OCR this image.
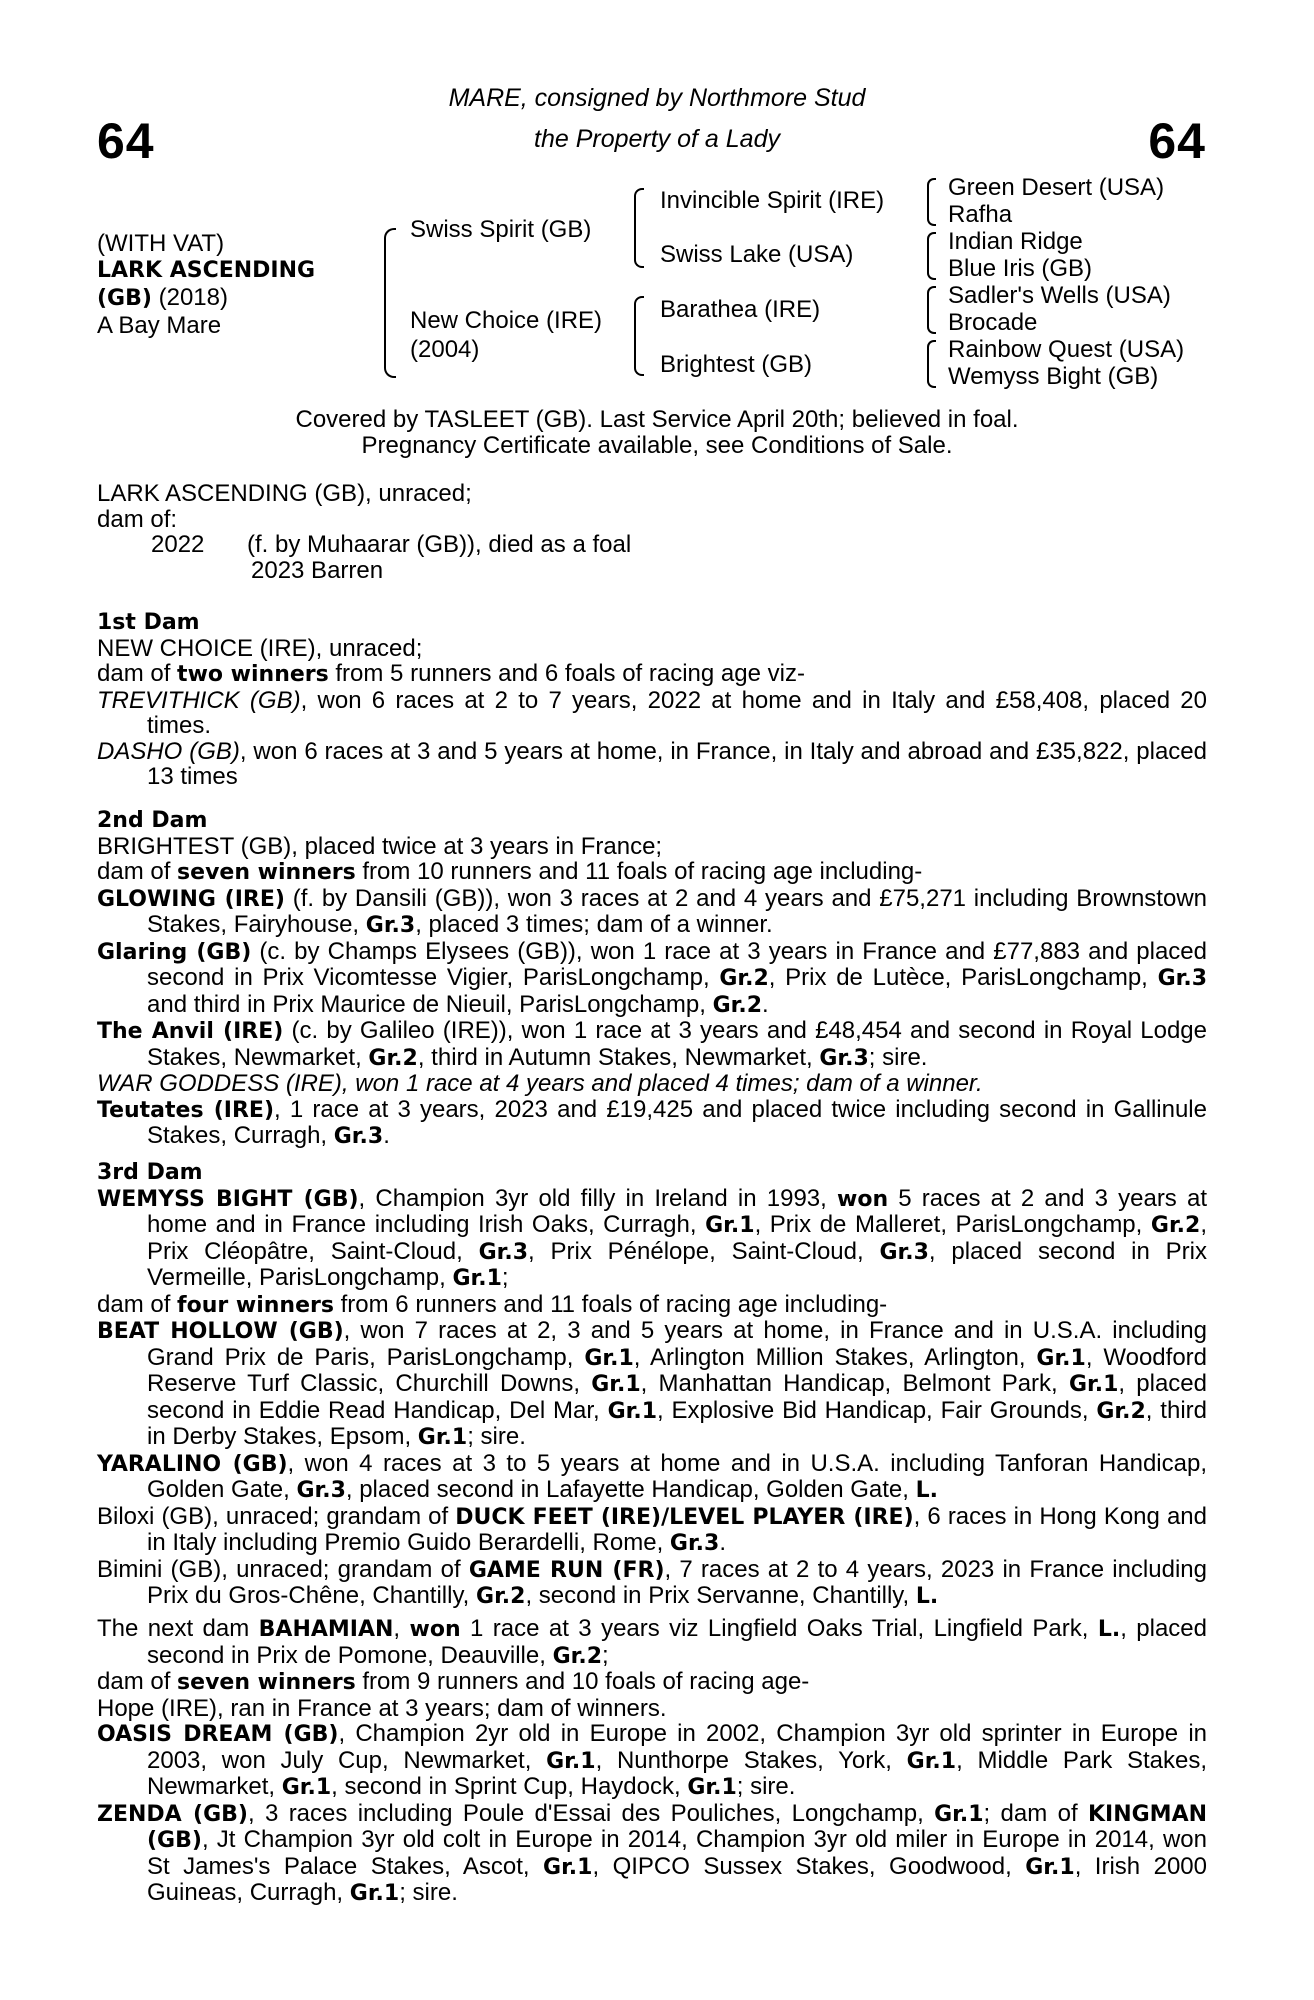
64	64
MARE, consigned by Northmore Stud
the Property of a Lady
(WITH VAT)
LARK ASCENDING
(GB) (2018)
A Bay Mare
Swiss Spirit (GB)
New Choice (IRE)
(2004)
Invincible Spirit (IRE)
Swiss Lake (USA)
Barathea (IRE)
Brightest (GB)
Green Desert (USA)
Rafha
Indian Ridge
Blue Iris (GB)
Sadler's Wells (USA)
Brocade
Rainbow Quest (USA)
Wemyss Bight (GB)
Covered by TASLEET (GB). Last Service April 20th; believed in foal.
Pregnancy Certificate available, see Conditions of Sale.

LARK ASCENDING (GB), unraced;

dam of:

2022 (f. by Muhaarar (GB)), died as a foal

2023 Barren

1st Dam

NEW CHOICE (IRE), unraced;

dam of two winners from 5 runners and 6 foals of racing age viz-

TREVITHICK (GB), won 6 races at 2 to 7 years, 2022 at home and in Italy and £58,408, placed 20 times.

DASHO (GB), won 6 races at 3 and 5 years at home, in France, in Italy and abroad and £35,822, placed 13 times

2nd Dam

BRIGHTEST (GB), placed twice at 3 years in France;

dam of seven winners from 10 runners and 11 foals of racing age including-

GLOWING (IRE) (f. by Dansili (GB)), won 3 races at 2 and 4 years and £75,271 including Brownstown Stakes, Fairyhouse, Gr.3, placed 3 times; dam of a winner.

Glaring (GB) (c. by Champs Elysees (GB)), won 1 race at 3 years in France and £77,883 and placed second in Prix Vicomtesse Vigier, ParisLongchamp, Gr.2, Prix de Lutèce, ParisLongchamp, Gr.3 and third in Prix Maurice de Nieuil, ParisLongchamp, Gr.2.

The Anvil (IRE) (c. by Galileo (IRE)), won 1 race at 3 years and £48,454 and second in Royal Lodge Stakes, Newmarket, Gr.2, third in Autumn Stakes, Newmarket, Gr.3; sire.

WAR GODDESS (IRE), won 1 race at 4 years and placed 4 times; dam of a winner.

Teutates (IRE), 1 race at 3 years, 2023 and £19,425 and placed twice including second in Gallinule Stakes, Curragh, Gr.3.

3rd Dam

WEMYSS BIGHT (GB), Champion 3yr old filly in Ireland in 1993, won 5 races at 2 and 3 years at home and in France including Irish Oaks, Curragh, Gr.1, Prix de Malleret, ParisLongchamp, Gr.2, Prix Cléopâtre, Saint-Cloud, Gr.3, Prix Pénélope, Saint-Cloud, Gr.3, placed second in Prix Vermeille, ParisLongchamp, Gr.1;

dam of four winners from 6 runners and 11 foals of racing age including-

BEAT HOLLOW (GB), won 7 races at 2, 3 and 5 years at home, in France and in U.S.A. including Grand Prix de Paris, ParisLongchamp, Gr.1, Arlington Million Stakes, Arlington, Gr.1, Woodford Reserve Turf Classic, Churchill Downs, Gr.1, Manhattan Handicap, Belmont Park, Gr.1, placed second in Eddie Read Handicap, Del Mar, Gr.1, Explosive Bid Handicap, Fair Grounds, Gr.2, third in Derby Stakes, Epsom, Gr.1; sire.

YARALINO (GB), won 4 races at 3 to 5 years at home and in U.S.A. including Tanforan Handicap, Golden Gate, Gr.3, placed second in Lafayette Handicap, Golden Gate, L.

Biloxi (GB), unraced; grandam of DUCK FEET (IRE)/LEVEL PLAYER (IRE), 6 races in Hong Kong and in Italy including Premio Guido Berardelli, Rome, Gr.3.

Bimini (GB), unraced; grandam of GAME RUN (FR), 7 races at 2 to 4 years, 2023 in France including Prix du Gros-Chêne, Chantilly, Gr.2, second in Prix Servanne, Chantilly, L.

The next dam BAHAMIAN, won 1 race at 3 years viz Lingfield Oaks Trial, Lingfield Park, L., placed second in Prix de Pomone, Deauville, Gr.2;

dam of seven winners from 9 runners and 10 foals of racing age-

Hope (IRE), ran in France at 3 years; dam of winners.

OASIS DREAM (GB), Champion 2yr old in Europe in 2002, Champion 3yr old sprinter in Europe in 2003, won July Cup, Newmarket, Gr.1, Nunthorpe Stakes, York, Gr.1, Middle Park Stakes, Newmarket, Gr.1, second in Sprint Cup, Haydock, Gr.1; sire.

ZENDA (GB), 3 races including Poule d'Essai des Pouliches, Longchamp, Gr.1; dam of KINGMAN (GB), Jt Champion 3yr old colt in Europe in 2014, Champion 3yr old miler in Europe in 2014, won St James's Palace Stakes, Ascot, Gr.1, QIPCO Sussex Stakes, Goodwood, Gr.1, Irish 2000 Guineas, Curragh, Gr.1; sire.
